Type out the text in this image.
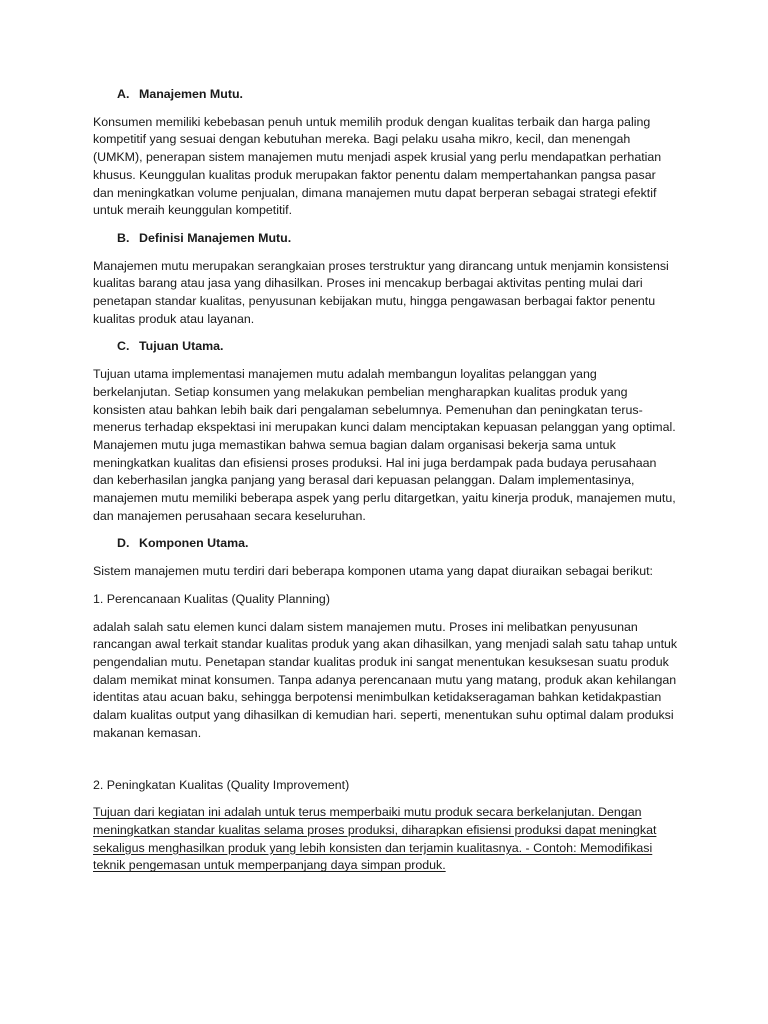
A. Manajemen Mutu.

Konsumen memiliki kebebasan penuh untuk memilih produk dengan kualitas terbaik dan harga paling kompetitif yang sesuai dengan kebutuhan mereka. Bagi pelaku usaha mikro, kecil, dan menengah (UMKM), penerapan sistem manajemen mutu menjadi aspek krusial yang perlu mendapatkan perhatian khusus. Keunggulan kualitas produk merupakan faktor penentu dalam mempertahankan pangsa pasar dan meningkatkan volume penjualan, dimana manajemen mutu dapat berperan sebagai strategi efektif untuk meraih keunggulan kompetitif.

B. Definisi Manajemen Mutu.

Manajemen mutu merupakan serangkaian proses terstruktur yang dirancang untuk menjamin konsistensi kualitas barang atau jasa yang dihasilkan. Proses ini mencakup berbagai aktivitas penting mulai dari penetapan standar kualitas, penyusunan kebijakan mutu, hingga pengawasan berbagai faktor penentu kualitas produk atau layanan.

C. Tujuan Utama.

Tujuan utama implementasi manajemen mutu adalah membangun loyalitas pelanggan yang berkelanjutan. Setiap konsumen yang melakukan pembelian mengharapkan kualitas produk yang konsisten atau bahkan lebih baik dari pengalaman sebelumnya. Pemenuhan dan peningkatan terus-menerus terhadap ekspektasi ini merupakan kunci dalam menciptakan kepuasan pelanggan yang optimal. Manajemen mutu juga memastikan bahwa semua bagian dalam organisasi bekerja sama untuk meningkatkan kualitas dan efisiensi proses produksi. Hal ini juga berdampak pada budaya perusahaan dan keberhasilan jangka panjang yang berasal dari kepuasan pelanggan. Dalam implementasinya, manajemen mutu memiliki beberapa aspek yang perlu ditargetkan, yaitu kinerja produk, manajemen mutu, dan manajemen perusahaan secara keseluruhan.

D. Komponen Utama.

Sistem manajemen mutu terdiri dari beberapa komponen utama yang dapat diuraikan sebagai berikut:

1. Perencanaan Kualitas (Quality Planning)

adalah salah satu elemen kunci dalam sistem manajemen mutu. Proses ini melibatkan penyusunan rancangan awal terkait standar kualitas produk yang akan dihasilkan, yang menjadi salah satu tahap untuk pengendalian mutu. Penetapan standar kualitas produk ini sangat menentukan kesuksesan suatu produk dalam memikat minat konsumen. Tanpa adanya perencanaan mutu yang matang, produk akan kehilangan identitas atau acuan baku, sehingga berpotensi menimbulkan ketidakseragaman bahkan ketidakpastian dalam kualitas output yang dihasilkan di kemudian hari. seperti, menentukan suhu optimal dalam produksi makanan kemasan.

2. Peningkatan Kualitas (Quality Improvement)

Tujuan dari kegiatan ini adalah untuk terus memperbaiki mutu produk secara berkelanjutan. Dengan meningkatkan standar kualitas selama proses produksi, diharapkan efisiensi produksi dapat meningkat sekaligus menghasilkan produk yang lebih konsisten dan terjamin kualitasnya. - Contoh: Memodifikasi teknik pengemasan untuk memperpanjang daya simpan produk.
